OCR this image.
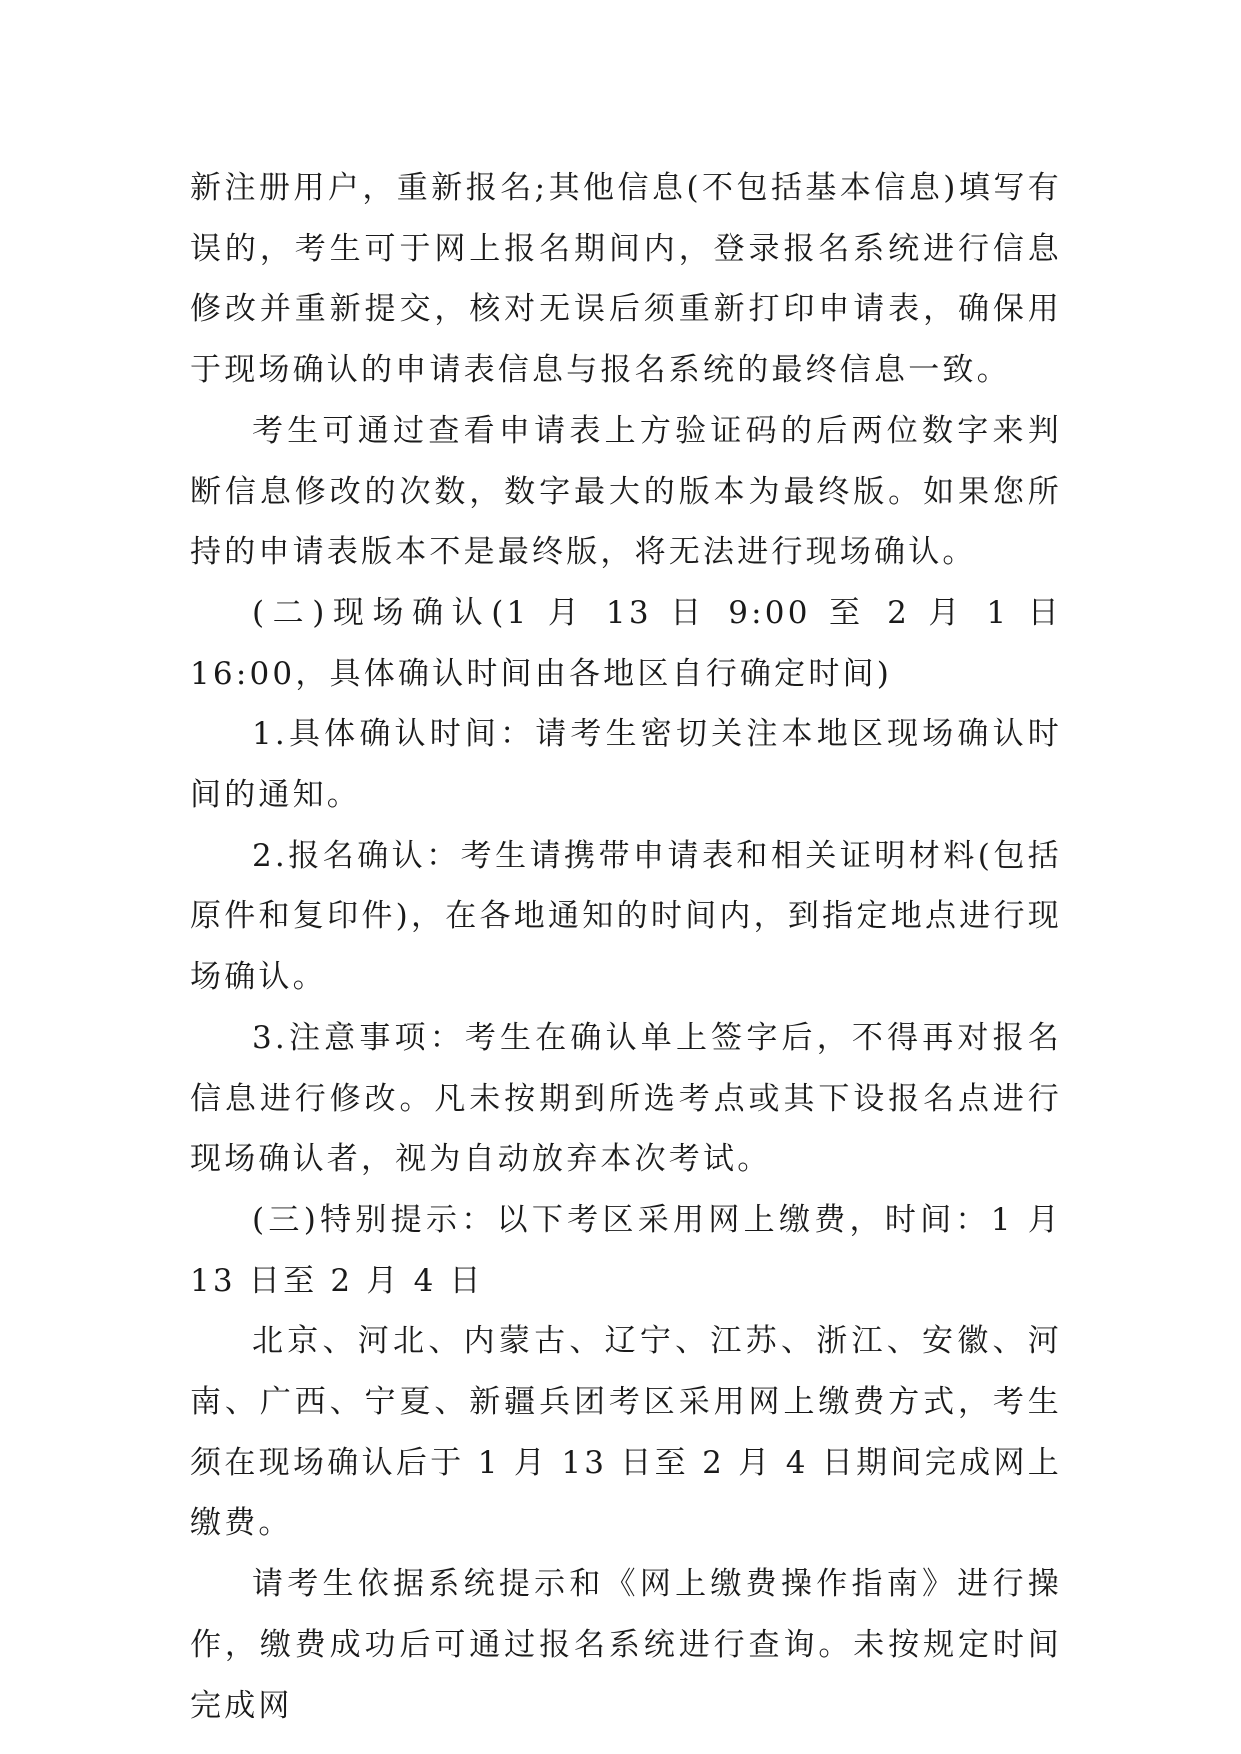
新注册用户，重新报名;其他信息(不包括基本信息)填写有误的，考生可于网上报名期间内，登录报名系统进行信息修改并重新提交，核对无误后须重新打印申请表，确保用于现场确认的申请表信息与报名系统的最终信息一致。

考生可通过查看申请表上方验证码的后两位数字来判断信息修改的次数，数字最大的版本为最终版。如果您所持的申请表版本不是最终版，将无法进行现场确认。

(二)现场确认(1 月 13 日 9:00 至 2 月 1 日 16:00，具体确认时间由各地区自行确定时间)

1.具体确认时间：请考生密切关注本地区现场确认时间的通知。

2.报名确认：考生请携带申请表和相关证明材料(包括原件和复印件)，在各地通知的时间内，到指定地点进行现场确认。

3.注意事项：考生在确认单上签字后，不得再对报名信息进行修改。凡未按期到所选考点或其下设报名点进行现场确认者，视为自动放弃本次考试。

(三)特别提示：以下考区采用网上缴费，时间：1 月 13 日至 2 月 4 日

北京、河北、内蒙古、辽宁、江苏、浙江、安徽、河南、广西、宁夏、新疆兵团考区采用网上缴费方式，考生须在现场确认后于 1 月 13 日至 2 月 4 日期间完成网上缴费。

请考生依据系统提示和《网上缴费操作指南》进行操作，缴费成功后可通过报名系统进行查询。未按规定时间完成网
